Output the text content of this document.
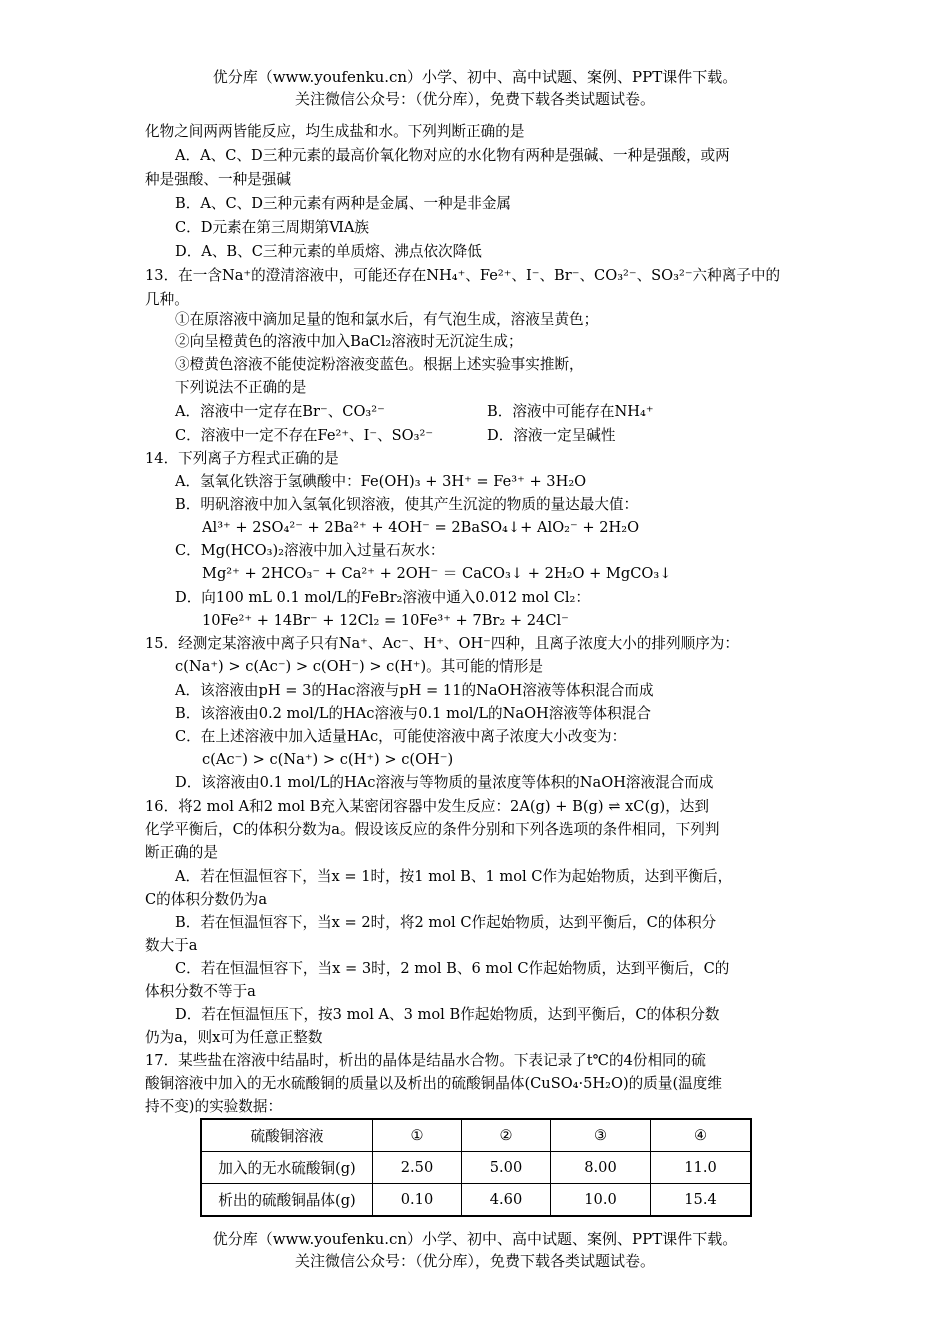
优分库（www.youfenku.cn）小学、初中、高中试题、案例、PPT课件下载。
关注微信公众号：（优分库），免费下载各类试题试卷。
化物之间两两皆能反应，均生成盐和水。下列判断正确的是
A．A、C、D三种元素的最高价氧化物对应的水化物有两种是强碱、一种是强酸，或两
种是强酸、一种是强碱
B．A、C、D三种元素有两种是金属、一种是非金属
C．D元素在第三周期第ⅥA族
D．A、B、C三种元素的单质熔、沸点依次降低
13．在一含Na⁺的澄清溶液中，可能还存在NH₄⁺、Fe²⁺、I⁻、Br⁻、CO₃²⁻、SO₃²⁻六种离子中的
几种。
①在原溶液中滴加足量的饱和氯水后，有气泡生成，溶液呈黄色；
②向呈橙黄色的溶液中加入BaCl₂溶液时无沉淀生成；
③橙黄色溶液不能使淀粉溶液变蓝色。根据上述实验事实推断，
下列说法不正确的是
A．溶液中一定存在Br⁻、CO₃²⁻	B．溶液中可能存在NH₄⁺
C．溶液中一定不存在Fe²⁺、I⁻、SO₃²⁻	D．溶液一定呈碱性
14．下列离子方程式正确的是
A．氢氧化铁溶于氢碘酸中：Fe(OH)₃ + 3H⁺ = Fe³⁺ + 3H₂O
B．明矾溶液中加入氢氧化钡溶液，使其产生沉淀的物质的量达最大值：
Al³⁺ + 2SO₄²⁻ + 2Ba²⁺ + 4OH⁻ = 2BaSO₄↓+ AlO₂⁻ + 2H₂O
C．Mg(HCO₃)₂溶液中加入过量石灰水：
Mg²⁺ + 2HCO₃⁻ + Ca²⁺ + 2OH⁻ ＝ CaCO₃↓ + 2H₂O + MgCO₃↓
D．向100 mL 0.1 mol/L的FeBr₂溶液中通入0.012 mol Cl₂：
10Fe²⁺ + 14Br⁻ + 12Cl₂ = 10Fe³⁺ + 7Br₂ + 24Cl⁻
15．经测定某溶液中离子只有Na⁺、Ac⁻、H⁺、OH⁻四种，且离子浓度大小的排列顺序为：
c(Na⁺) > c(Ac⁻) > c(OH⁻) > c(H⁺)。其可能的情形是
A．该溶液由pH = 3的Hac溶液与pH = 11的NaOH溶液等体积混合而成
B．该溶液由0.2 mol/L的HAc溶液与0.1 mol/L的NaOH溶液等体积混合
C．在上述溶液中加入适量HAc，可能使溶液中离子浓度大小改变为：
c(Ac⁻) > c(Na⁺) > c(H⁺) > c(OH⁻)
D．该溶液由0.1 mol/L的HAc溶液与等物质的量浓度等体积的NaOH溶液混合而成
16．将2 mol A和2 mol B充入某密闭容器中发生反应：2A(g) + B(g) ⇌ xC(g)，达到
化学平衡后，C的体积分数为a。假设该反应的条件分别和下列各选项的条件相同，下列判
断正确的是
A．若在恒温恒容下，当x = 1时，按1 mol B、1 mol C作为起始物质，达到平衡后，
C的体积分数仍为a
B．若在恒温恒容下，当x = 2时，将2 mol C作起始物质，达到平衡后，C的体积分
数大于a
C．若在恒温恒容下，当x = 3时，2 mol B、6 mol C作起始物质，达到平衡后，C的
体积分数不等于a
D．若在恒温恒压下，按3 mol A、3 mol B作起始物质，达到平衡后，C的体积分数
仍为a，则x可为任意正整数
17．某些盐在溶液中结晶时，析出的晶体是结晶水合物。下表记录了t℃的4份相同的硫
酸铜溶液中加入的无水硫酸铜的质量以及析出的硫酸铜晶体(CuSO₄·5H₂O)的质量(温度维
持不变)的实验数据：
硫酸铜溶液	①	②	③	④
加入的无水硫酸铜(g)	2.50	5.00	8.00	11.0
析出的硫酸铜晶体(g)	0.10	4.60	10.0	15.4
优分库（www.youfenku.cn）小学、初中、高中试题、案例、PPT课件下载。
关注微信公众号：（优分库），免费下载各类试题试卷。
